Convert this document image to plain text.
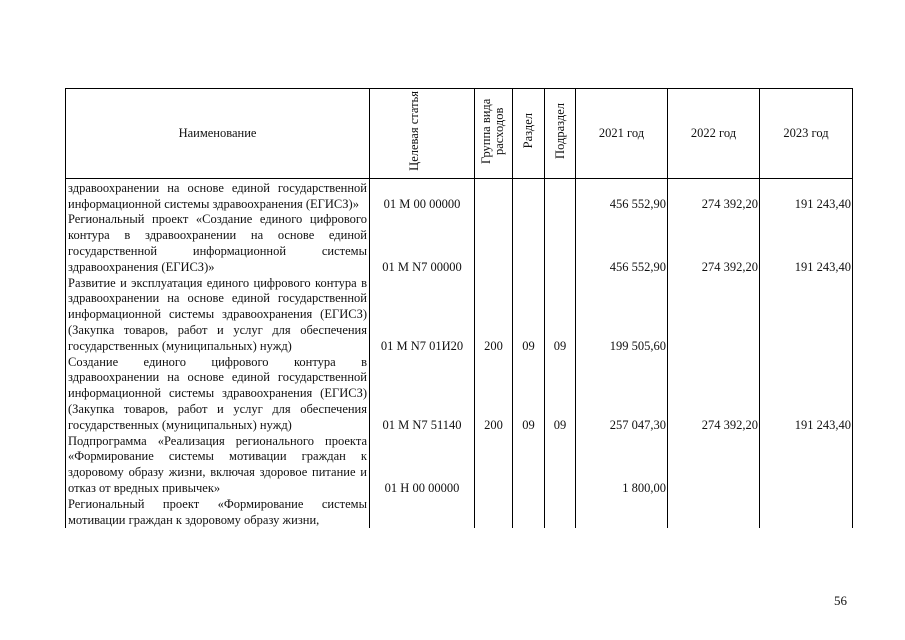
Наименование	Целевая статья	Группа вида расходов	Раздел	Подраздел	2021 год	2022 год	2023 год
здравоохранении на основе единой государственной информационной системы здравоохранения (ЕГИСЗ)»	01 М 00 00000				456 552,90	274 392,20	191 243,40
Региональный проект «Создание единого цифрового контура в здравоохранении на основе единой государственной информационной системы здравоохранения (ЕГИСЗ)»	01 М N7 00000				456 552,90	274 392,20	191 243,40
Развитие и эксплуатация единого цифрового контура в здравоохранении на основе единой государственной информационной системы здравоохранения (ЕГИСЗ) (Закупка товаров, работ и услуг для обеспечения государственных (муниципальных) нужд)	01 М N7 01И20	200	09	09	199 505,60		
Создание единого цифрового контура в здравоохранении на основе единой государственной информационной системы здравоохранения (ЕГИСЗ) (Закупка товаров, работ и услуг для обеспечения государственных (муниципальных) нужд)	01 М N7 51140	200	09	09	257 047,30	274 392,20	191 243,40
Подпрограмма «Реализация регионального проекта «Формирование системы мотивации граждан к здоровому образу жизни, включая здоровое питание и отказ от вредных привычек»	01 Н 00 00000				1 800,00		
Региональный проект «Формирование системы мотивации граждан к здоровому образу жизни,							
56
